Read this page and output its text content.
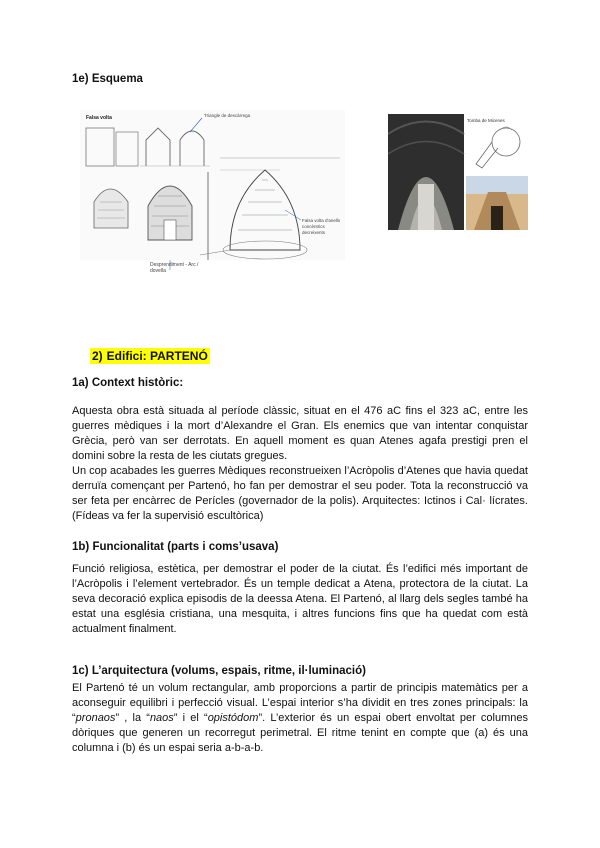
1e) Esquema
Falsa volta	Triangle de descàrrega
Falsa volta d'anells concèntrics decreixents
Desprendiment - Arc / dovella
Tomba de Micenes
2) Edifici: PARTENÓ
1a) Context històric:
Aquesta obra està situada al període clàssic, situat en el 476 aC fins el 323 aC, entre les guerres mèdiques i la mort d’Alexandre el Gran. Els enemics que van intentar conquistar Grècia, però van ser derrotats. En aquell moment es quan Atenes agafa prestigi pren el domini sobre la resta de les ciutats gregues.
Un cop acabades les guerres Mèdiques reconstrueixen l’Acròpolis d’Atenes que havia quedat derruïa començant per Partenó, ho fan per demostrar el seu poder. Tota la reconstrucció va ser feta per encàrrec de Perícles (governador de la polis). Arquitectes: Ictinos i Cal· lícrates. (Fídeas va fer la supervisió escultòrica)
1b) Funcionalitat (parts i coms’usava)
Funció religiosa, estètica, per demostrar el poder de la ciutat. És l’edifici més important de l’Acròpolis i l’element vertebrador. És un temple dedicat a Atena, protectora de la ciutat. La seva decoració explica episodis de la deessa Atena. El Partenó, al llarg dels segles també ha estat una església cristiana, una mesquita, i altres funcions fins que ha quedat com està actualment finalment.
1c) L’arquitectura (volums, espais, ritme, il·luminació)
El Partenó té un volum rectangular, amb proporcions a partir de principis matemàtics per a aconseguir equilibri i perfecció visual. L’espai interior s’ha dividit en tres zones principals: la “pronaos” , la “naos” i el “opistódom”. L’exterior és un espai obert envoltat per columnes dòriques que generen un recorregut perimetral. El ritme tenint en compte que (a) és una columna i (b) és un espai seria a-b-a-b.
